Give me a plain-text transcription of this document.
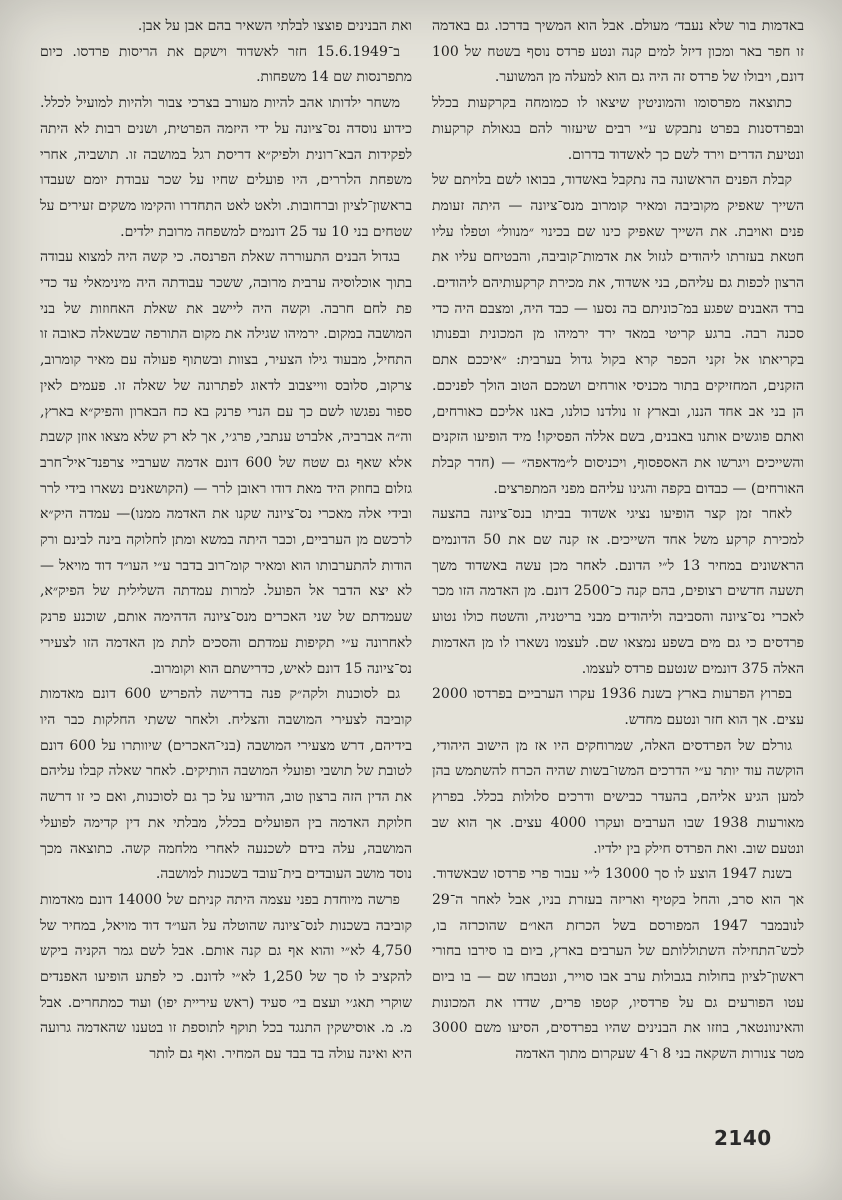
באדמות בור שלא נעבד׳ מעולם. אבל הוא המשיך בדרכו. גם באדמה זו חפר באר ומכון דיזל למים קנה ונטע פרדס נוסף בשטח של 100 דונם, ויבולו של פרדס זה היה גם הוא למעלה מן המשוער.

כתוצאה מפרסומו והמוניטין שיצאו לו כמומחה בקרקעות בכלל ובפרדסנות בפרט נתבקש ע״י רבים שיעזור להם בגאולת קרקעות ונטיעת הדרים וירד לשם כך לאשדוד בדרום.

קבלת הפנים הראשונה בה נתקבל באשדוד, בבואו לשם בלויתם של השייך שאפיק מקוביבה ומאיר קומרוב מנס־ציונה — היתה זעומת פנים ואויבת. את השייך שאפיק כינו שם בכינוי ״מנוול״ וטפלו עליו חטאת בעזרתו ליהודים לגזול את אדמות־קוביבה, והבטיחם עליו את הרצון לכפות גם עליהם, בני אשדוד, את מכירת קרקעותיהם ליהודים. ברד האבנים שפגע במ־כוניתם בה נסעו — כבד היה, ומצבם היה כדי סכנה רבה. ברגע קריטי במאד ירד ירמיהו מן המכונית ובפנותו בקריאתו אל זקני הכפר קרא בקול גדול בערבית: ״איככם אתם הזקנים, המחזיקים בתור מכניסי אורחים ושמכם הטוב הולך לפניכם. הן בני אב אחד הננו, ובארץ זו נולדנו כולנו, באנו אליכם כאורחים, ואתם פוגשים אותנו באבנים, בשם אללה הפסיקו! מיד הופיעו הזקנים והשייכים ויגרשו את האספסוף, ויכניסום ל״מדאפה״ — (חדר קבלת האורחים) — כבדום בקפה והגינו עליהם מפני המתפרצים.

לאחר זמן קצר הופיעו נציגי אשדוד בביתו בנס־ציונה בהצעה למכירת קרקע משל אחד השייכים. אז קנה שם את 50 הדונמים הראשונים במחיר 13 ל״י הדונם. לאחר מכן עשה באשדוד משך תשעה חדשים רצופים, בהם קנה כ־2500 דונם. מן האדמה הזו מכר לאכרי נס־ציונה והסביבה וליהודים מבני בריטניה, והשטח כולו נטוע פרדסים כי גם מים בשפע נמצאו שם. לעצמו נשארו לו מן האדמות האלה 375 דונמים שנטעם פרדס לעצמו.

בפרוץ הפרעות בארץ בשנת 1936 עקרו הערביים בפרדסו 2000 עצים. אך הוא חזר ונטעם מחדש.

גורלם של הפרדסים האלה, שמרוחקים היו אז מן הישוב היהודי, הוקשה עוד יותר ע״י הדרכים המשו־בשות שהיה הכרח להשתמש בהן למען הגיע אליהם, בהעדר כבישים ודרכים סלולות בכלל. בפרוץ מאורעות 1938 שבו הערבים ועקרו 4000 עצים. אך הוא שב ונטעם שוב. ואת הפרדס חילק בין ילדיו.

בשנת 1947 הוצע לו סך 13000 ל״י עבור פרי פרדסו שבאשדוד. אך הוא סרב, והחל בקטיף ואריזה בעזרת בניו, אבל לאחר ה־29 לנובמבר 1947 המפורסם בשל הכרזת האו״ם שהוכרזה בו, לכש־התחילה השתוללותם של הערבים בארץ, ביום בו סירבו בחורי ראשון־לציון בחולות בגבולות ערב אבו סוייר, ונטבחו שם — בו ביום עטו הפורעים גם על פרדסיו, קטפו פרים, שדדו את המכונות והאינוונטאר, בוזזו את הבנינים שהיו בפרדסים, הסיעו משם 3000 מטר צנורות השקאה בני 8 ו־4 שעקרום מתוך האדמה

ואת הבנינים פוצצו לבלתי השאיר בהם אבן על אבן.

ב־15.6.1949 חזר לאשדוד וישקם את הריסות פרדסו. כיום מתפרנסות שם 14 משפחות.

משחר ילדותו אהב להיות מעורב בצרכי צבור ולהיות למועיל לכלל. כידוע נוסדה נס־ציונה על ידי היזמה הפרטית, ושנים רבות לא היתה לפקידות הבא־רונית ולפיק״א דריסת רגל במושבה זו. תושביה, אחרי משפחת הלררים, היו פועלים שחיו על שכר עבודת יומם שעבדו בראשון־לציון וברחובות. ולאט לאט התחדרו והקימו משקים זעירים על שטחים בני 10 עד 25 דונמים למשפחה מרובת ילדים.

בגדול הבנים התעוררה שאלת הפרנסה. כי קשה היה למצוא עבודה בתוך אוכלוסיה ערבית מרובה, ששכר עבודתה היה מינימאלי עד כדי פת לחם חרבה. וקשה היה ליישב את שאלת האחוזות של בני המושבה במקום. ירמיהו שגילה את מקום התורפה שבשאלה כאובה זו התחיל, מבעוד גילו הצעיר, בצוות ובשתוף פעולה עם מאיר קומרוב, צרקוב, סלובס ווייצבוב לדאוג לפתרונה של שאלה זו. פעמים לאין ספור נפגשו לשם כך עם הנרי פרנק בא כח הבארון והפיק״א בארץ, וה״ה אברביה, אלברט ענתבי, פרג׳י, אך לא רק שלא מצאו אוזן קשבת אלא שאף גם שטח של 600 דונם אדמה שערביי צרפנד־איל־חרב גזלום בחוזק היד מאת דודו ראובן לרר — (הקושאנים נשארו בידי לרר ובידי אלה מאכרי נס־ציונה שקנו את האדמה ממנו)— עמדה היק״א לרכשם מן הערביים, וכבר היתה במשא ומתן לחלוקה בינה לבינם ורק הודות להתערבותו הוא ומאיר קומ־רוב בדבר ע״י העו״ד דוד מויאל — לא יצא הדבר אל הפועל. למרות עמדתה השלילית של הפיק״א, שעמדתם של שני האכרים מנס־ציונה הדהימה אותם, שוכנע פרנק לאחרונה ע״י תקיפות עמדתם והסכים לתת מן האדמה הזו לצעירי נס־ציונה 15 דונם לאיש, כדרישתם הוא וקומרוב.

גם לסוכנות ולקה״ק פנה בדרישה להפריש 600 דונם מאדמות קוביבה לצעירי המושבה והצליח. ולאחר ששתי החלקות כבר היו בידיהם, דרש מצעירי המושבה (בני־האכרים) שיוותרו על 600 דונם לטובת של תושבי ופועלי המושבה הותיקים. לאחר שאלה קבלו עליהם את הדין הזה ברצון טוב, הודיעו על כך גם לסוכנות, ואם כי זו דרשה חלוקת האדמה בין הפועלים בכלל, מבלתי את דין קדימה לפועלי המושבה, עלה בידם לשכנעה לאחרי מלחמה קשה. כתוצאה מכך נוסד מושב העובדים בית־עובד בשכנות למושבה.

פרשה מיוחדת בפני עצמה היתה קניתם של 14000 דונם מאדמות קוביבה בשכנות לנס־ציונה שהוטלה על העו״ד דוד מויאל, במחיר של 4,750 לא״י והוא אף גם קנה אותם. אבל לשם גמר הקניה ביקש להקציב לו סך של 1,250 לא״י לדונם. כי לפתע הופיעו האפנדים שוקרי תאג׳י ועצם בי׳ סעיד (ראש עיריית יפו) ועוד כמתחרים. אבל מ. מ. אוסישקין התנגד בכל תוקף לתוספת זו בטענו שהאדמה גרועה היא ואינה עולה בד בבד עם המחיר. ואף גם לותר

2140
